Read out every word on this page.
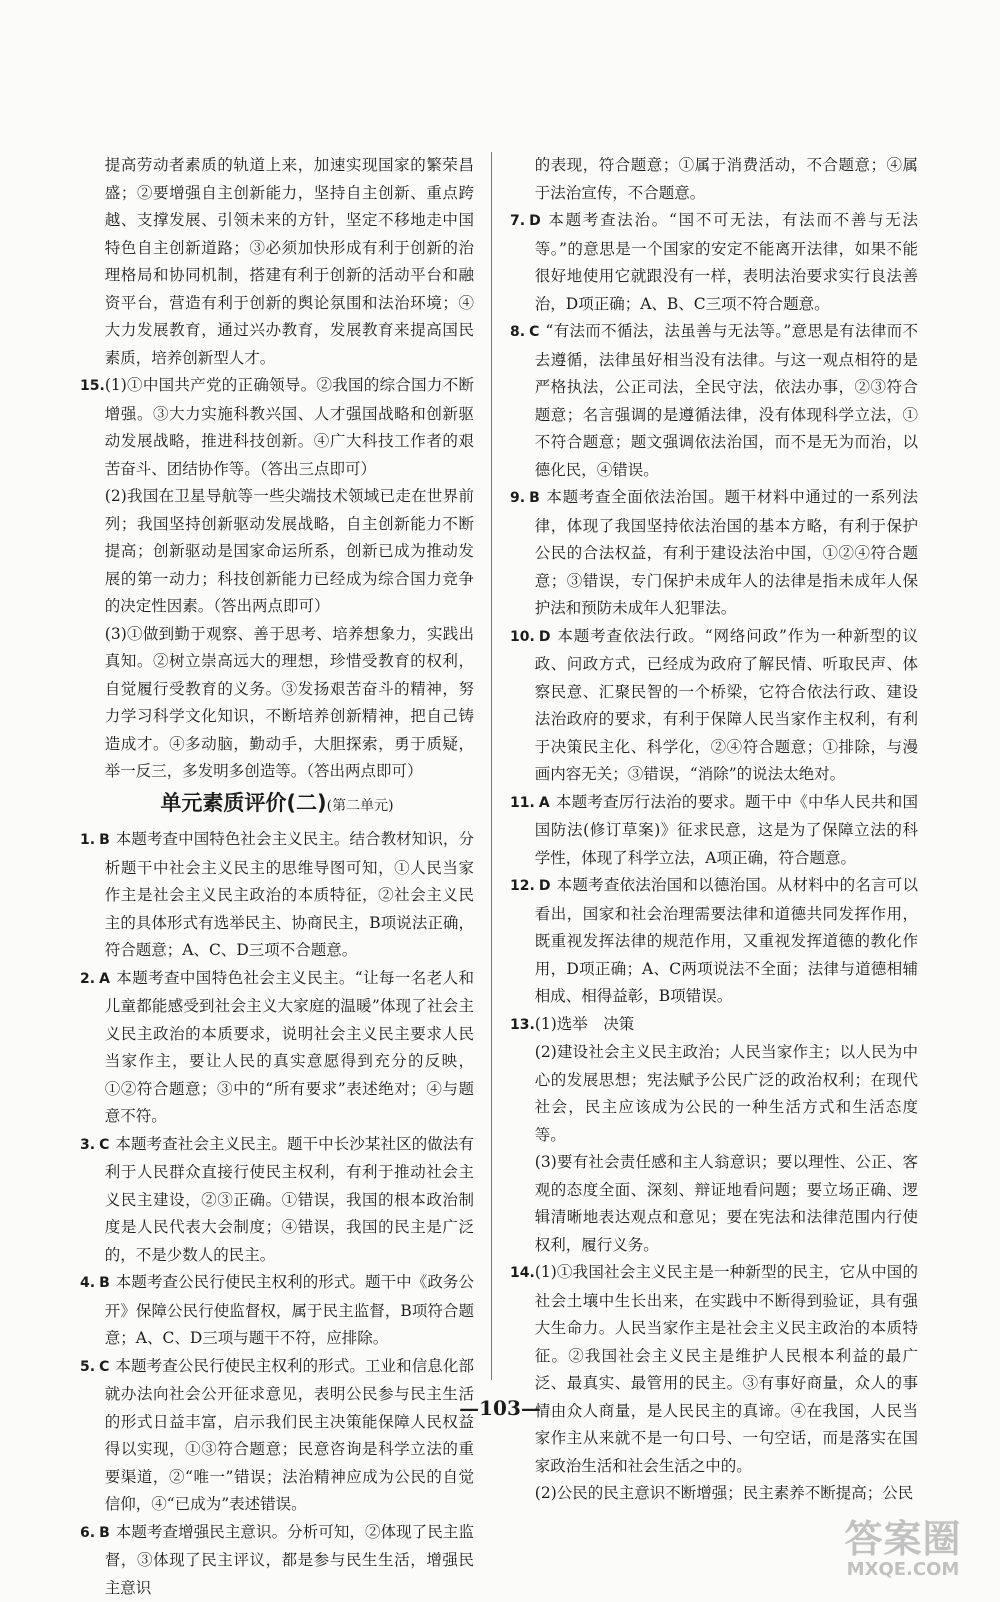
提高劳动者素质的轨道上来，加速实现国家的繁荣昌盛；②要增强自主创新能力，坚持自主创新、重点跨越、支撑发展、引领未来的方针，坚定不移地走中国特色自主创新道路；③必须加快形成有利于创新的治理格局和协同机制，搭建有利于创新的活动平台和融资平台，营造有利于创新的舆论氛围和法治环境；④大力发展教育，通过兴办教育，发展教育来提高国民素质，培养创新型人才。

15.(1)①中国共产党的正确领导。②我国的综合国力不断增强。③大力实施科教兴国、人才强国战略和创新驱动发展战略，推进科技创新。④广大科技工作者的艰苦奋斗、团结协作等。（答出三点即可）

(2)我国在卫星导航等一些尖端技术领域已走在世界前列；我国坚持创新驱动发展战略，自主创新能力不断提高；创新驱动是国家命运所系，创新已成为推动发展的第一动力；科技创新能力已经成为综合国力竞争的决定性因素。（答出两点即可）

(3)①做到勤于观察、善于思考、培养想象力，实践出真知。②树立崇高远大的理想，珍惜受教育的权利，自觉履行受教育的义务。③发扬艰苦奋斗的精神，努力学习科学文化知识，不断培养创新精神，把自己铸造成才。④多动脑，勤动手，大胆探索，勇于质疑，举一反三，多发明多创造等。（答出两点即可）

单元素质评价(二)(第二单元)

1. B 本题考查中国特色社会主义民主。结合教材知识，分析题干中社会主义民主的思维导图可知，①人民当家作主是社会主义民主政治的本质特征，②社会主义民主的具体形式有选举民主、协商民主，B项说法正确，符合题意；A、C、D三项不合题意。

2. A 本题考查中国特色社会主义民主。“让每一名老人和儿童都能感受到社会主义大家庭的温暖”体现了社会主义民主政治的本质要求，说明社会主义民主要求人民当家作主，要让人民的真实意愿得到充分的反映，①②符合题意；③中的“所有要求”表述绝对；④与题意不符。

3. C 本题考查社会主义民主。题干中长沙某社区的做法有利于人民群众直接行使民主权利，有利于推动社会主义民主建设，②③正确。①错误，我国的根本政治制度是人民代表大会制度；④错误，我国的民主是广泛的，不是少数人的民主。

4. B 本题考查公民行使民主权利的形式。题干中《政务公开》保障公民行使监督权，属于民主监督，B项符合题意；A、C、D三项与题干不符，应排除。

5. C 本题考查公民行使民主权利的形式。工业和信息化部就办法向社会公开征求意见，表明公民参与民主生活的形式日益丰富，启示我们民主决策能保障人民权益得以实现，①③符合题意；民意咨询是科学立法的重要渠道，②“唯一”错误；法治精神应成为公民的自觉信仰，④“已成为”表述错误。

6. B 本题考查增强民主意识。分析可知，②体现了民主监督，③体现了民主评议，都是参与民生生活，增强民主意识

的表现，符合题意；①属于消费活动，不合题意；④属于法治宣传，不合题意。

7. D 本题考查法治。“国不可无法，有法而不善与无法等。”的意思是一个国家的安定不能离开法律，如果不能很好地使用它就跟没有一样，表明法治要求实行良法善治，D项正确；A、B、C三项不符合题意。

8. C “有法而不循法，法虽善与无法等。”意思是有法律而不去遵循，法律虽好相当没有法律。与这一观点相符的是严格执法，公正司法，全民守法，依法办事，②③符合题意；名言强调的是遵循法律，没有体现科学立法，①不符合题意；题文强调依法治国，而不是无为而治，以德化民，④错误。

9. B 本题考查全面依法治国。题干材料中通过的一系列法律，体现了我国坚持依法治国的基本方略，有利于保护公民的合法权益，有利于建设法治中国，①②④符合题意；③错误，专门保护未成年人的法律是指未成年人保护法和预防未成年人犯罪法。

10. D 本题考查依法行政。“网络问政”作为一种新型的议政、问政方式，已经成为政府了解民情、听取民声、体察民意、汇聚民智的一个桥梁，它符合依法行政、建设法治政府的要求，有利于保障人民当家作主权利，有利于决策民主化、科学化，②④符合题意；①排除，与漫画内容无关；③错误，“消除”的说法太绝对。

11. A 本题考查厉行法治的要求。题干中《中华人民共和国国防法(修订草案)》征求民意，这是为了保障立法的科学性，体现了科学立法，A项正确，符合题意。

12. D 本题考查依法治国和以德治国。从材料中的名言可以看出，国家和社会治理需要法律和道德共同发挥作用，既重视发挥法律的规范作用，又重视发挥道德的教化作用，D项正确；A、C两项说法不全面；法律与道德相辅相成、相得益彰，B项错误。

13.(1)选举　决策

(2)建设社会主义民主政治；人民当家作主；以人民为中心的发展思想；宪法赋予公民广泛的政治权利；在现代社会，民主应该成为公民的一种生活方式和生活态度等。

(3)要有社会责任感和主人翁意识；要以理性、公正、客观的态度全面、深刻、辩证地看问题；要立场正确、逻辑清晰地表达观点和意见；要在宪法和法律范围内行使权利，履行义务。

14.(1)①我国社会主义民主是一种新型的民主，它从中国的社会土壤中生长出来，在实践中不断得到验证，具有强大生命力。人民当家作主是社会主义民主政治的本质特征。②我国社会主义民主是维护人民根本利益的最广泛、最真实、最管用的民主。③有事好商量，众人的事情由众人商量，是人民民主的真谛。④在我国，人民当家作主从来就不是一句口号、一句空话，而是落实在国家政治生活和社会生活之中的。

(2)公民的民主意识不断增强；民主素养不断提高；公民

—103—
答案圈
MXQE.COM
